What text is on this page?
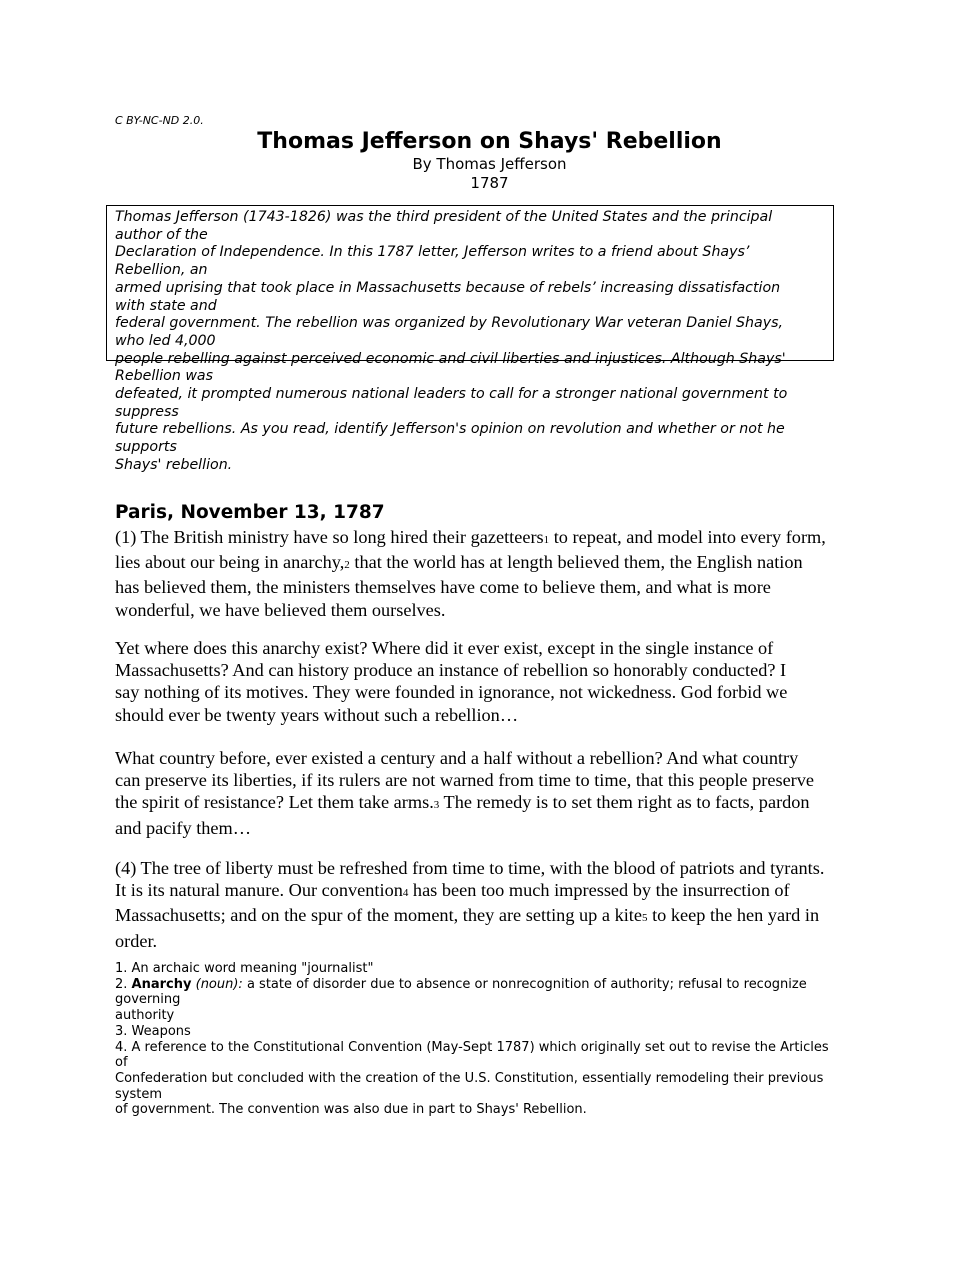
C BY-NC-ND 2.0.
Thomas Jefferson on Shays' Rebellion
By Thomas Jefferson
1787
Thomas Jefferson (1743-1826) was the third president of the United States and the principal
author of the
Declaration of Independence. In this 1787 letter, Jefferson writes to a friend about Shays’
Rebellion, an
armed uprising that took place in Massachusetts because of rebels’ increasing dissatisfaction
with state and
federal government. The rebellion was organized by Revolutionary War veteran Daniel Shays,
who led 4,000
people rebelling against perceived economic and civil liberties and injustices. Although Shays'
Rebellion was
defeated, it prompted numerous national leaders to call for a stronger national government to
suppress
future rebellions. As you read, identify Jefferson's opinion on revolution and whether or not he
supports
Shays' rebellion.
Paris, November 13, 1787
(1) The British ministry have so long hired their gazetteers1 to repeat, and model into every form,
lies about our being in anarchy,2 that the world has at length believed them, the English nation
has believed them, the ministers themselves have come to believe them, and what is more
wonderful, we have believed them ourselves.
Yet where does this anarchy exist? Where did it ever exist, except in the single instance of
Massachusetts? And can history produce an instance of rebellion so honorably conducted? I
say nothing of its motives. They were founded in ignorance, not wickedness. God forbid we
should ever be twenty years without such a rebellion…
What country before, ever existed a century and a half without a rebellion? And what country
can preserve its liberties, if its rulers are not warned from time to time, that this people preserve
the spirit of resistance? Let them take arms.3 The remedy is to set them right as to facts, pardon
and pacify them…
(4) The tree of liberty must be refreshed from time to time, with the blood of patriots and tyrants.
It is its natural manure. Our convention4 has been too much impressed by the insurrection of
Massachusetts; and on the spur of the moment, they are setting up a kite5 to keep the hen yard in
order.
1. An archaic word meaning "journalist"
2. Anarchy (noun): a state of disorder due to absence or nonrecognition of authority; refusal to recognize
governing
authority
3. Weapons
4. A reference to the Constitutional Convention (May-Sept 1787) which originally set out to revise the Articles
of
Confederation but concluded with the creation of the U.S. Constitution, essentially remodeling their previous
system
of government. The convention was also due in part to Shays' Rebellion.
